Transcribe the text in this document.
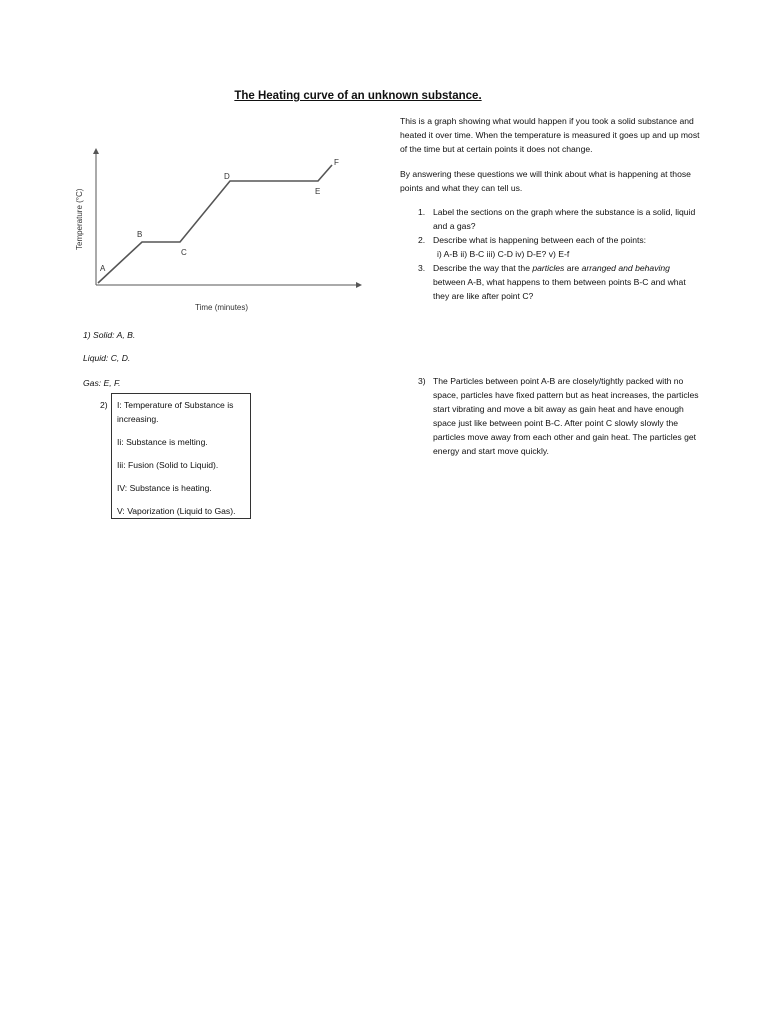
The Heating curve of an unknown substance.
A
B
C
D
E
F
Time (minutes)
Temperature (°C)
This is a graph showing what would happen if you took a solid substance and heated it over time. When the temperature is measured it goes up and up most of the time but at certain points it does not change.
By answering these questions we will think about what is happening at those points and what they can tell us.
1. Label the sections on the graph where the substance is a solid, liquid and a gas?
2. Describe what is happening between each of the points:
i) A-B ii) B-C iii) C-D iv) D-E? v) E-f
3. Describe the way that the particles are arranged and behaving between A-B, what happens to them between points B-C and what they are like after point C?
1) Solid: A, B.
Liquid: C, D.
Gas: E, F.
2) I: Temperature of Substance is increasing.

Ii: Substance is melting.

Iii: Fusion (Solid to Liquid).

IV: Substance is heating.

V: Vaporization (Liquid to Gas).

3) The Particles between point A-B are closely/tightly packed with no space, particles have fixed pattern but as heat increases, the particles start vibrating and move a bit away as gain heat and have enough space just like between point B-C. After point C slowly slowly the particles move away from each other and gain heat. The particles get energy and start move quickly.
